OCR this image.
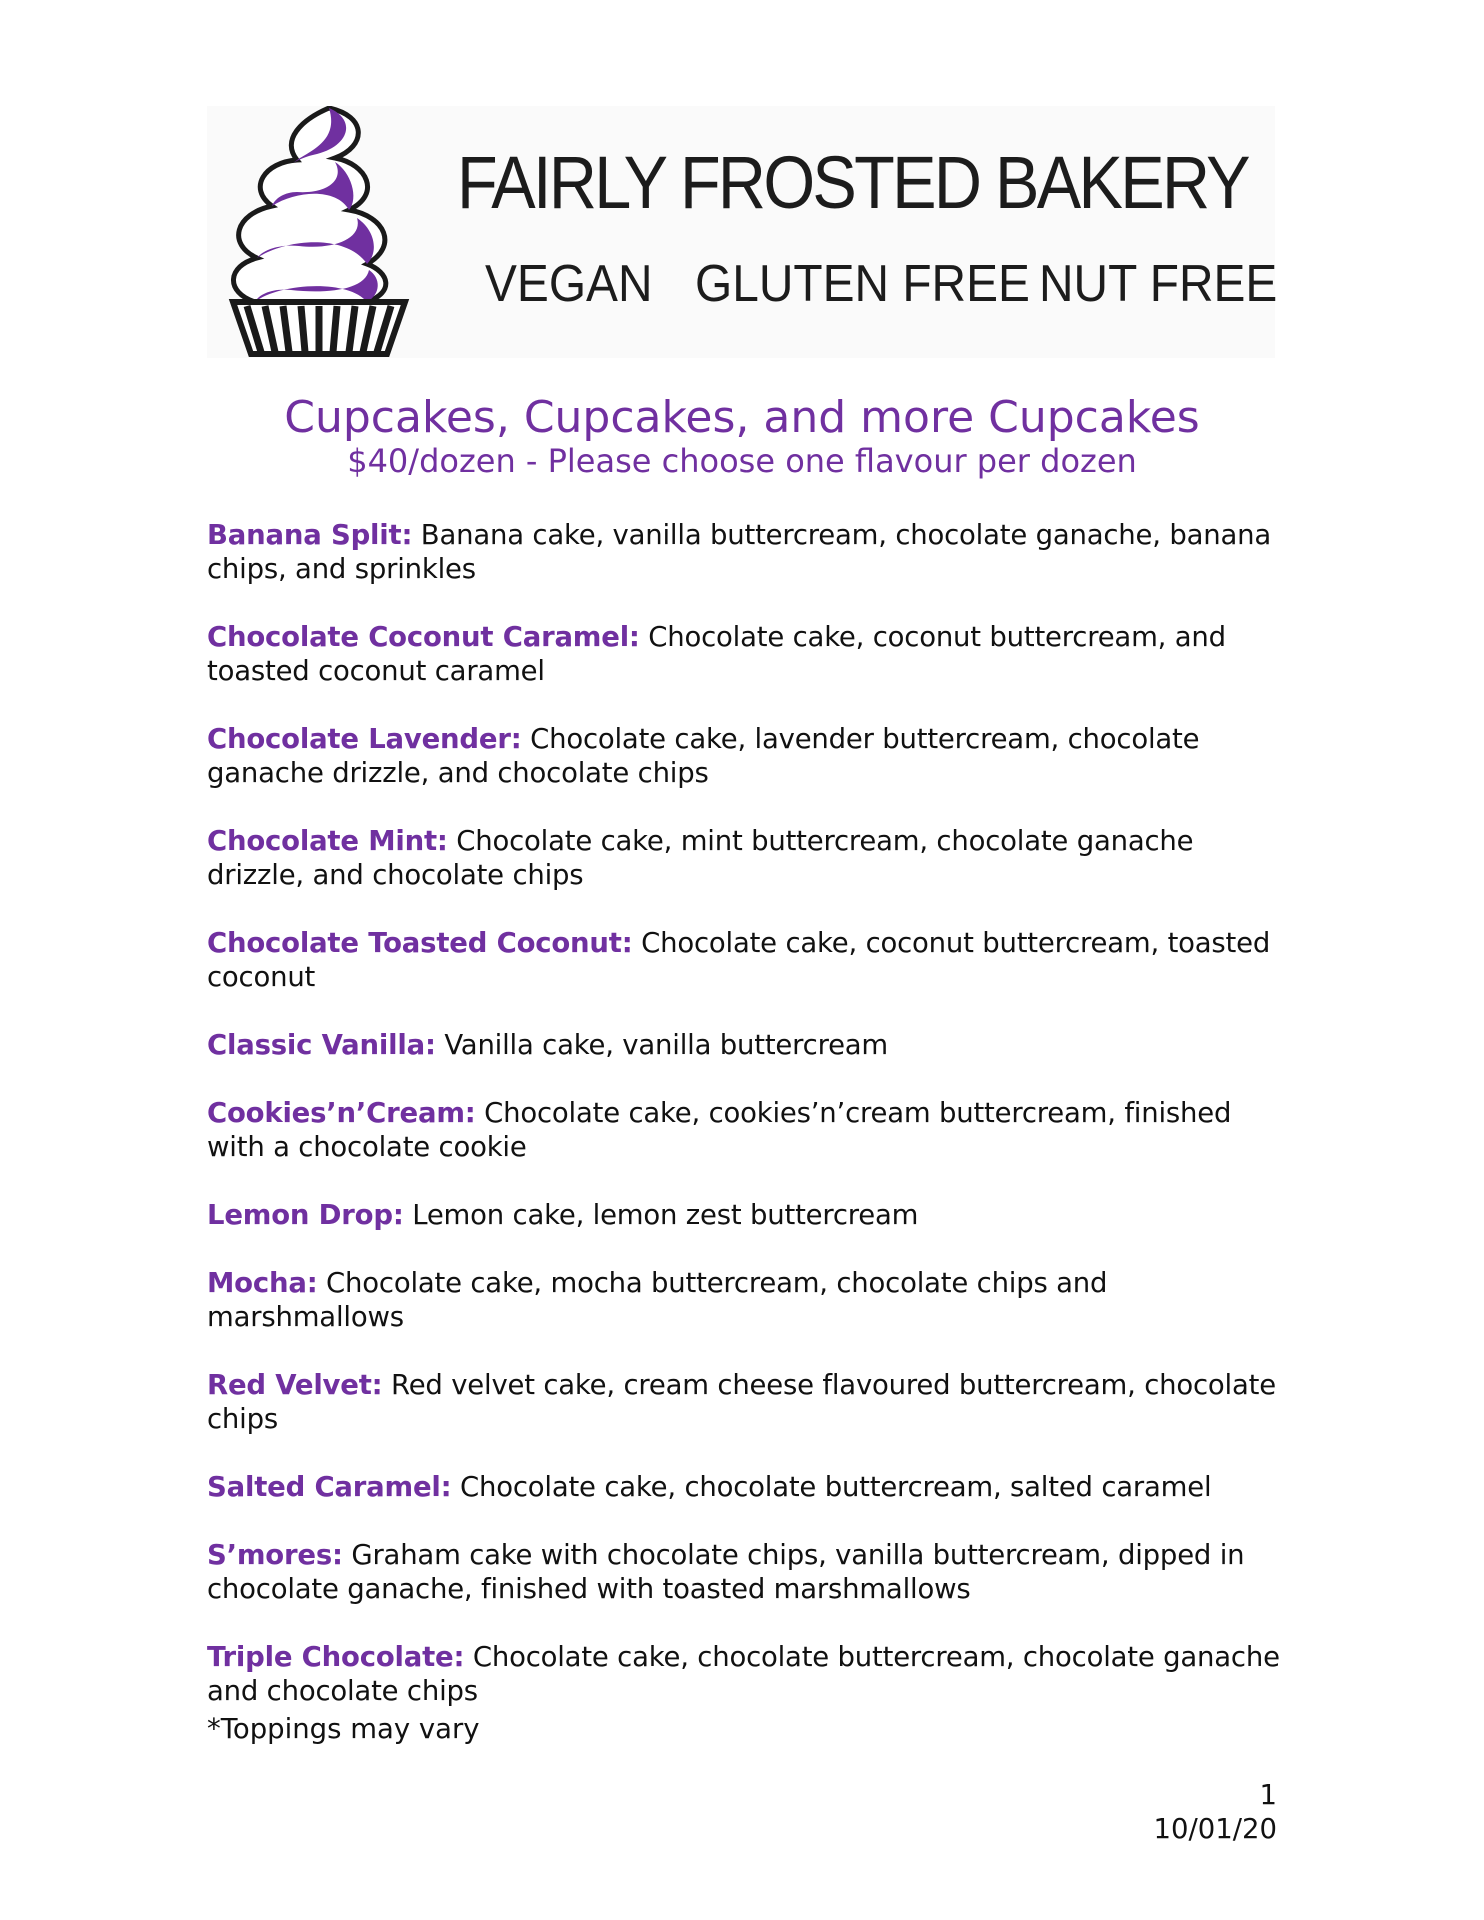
FAIRLY FROSTED BAKERY
VEGAN GLUTEN FREE NUT FREE
Cupcakes, Cupcakes, and more Cupcakes
$40/dozen - Please choose one flavour per dozen

Banana Split: Banana cake, vanilla buttercream, chocolate ganache, banana chips, and sprinkles

Chocolate Coconut Caramel: Chocolate cake, coconut buttercream, and toasted coconut caramel

Chocolate Lavender: Chocolate cake, lavender buttercream, chocolate ganache drizzle, and chocolate chips

Chocolate Mint: Chocolate cake, mint buttercream, chocolate ganache drizzle, and chocolate chips

Chocolate Toasted Coconut: Chocolate cake, coconut buttercream, toasted coconut

Classic Vanilla: Vanilla cake, vanilla buttercream

Cookies’n’Cream: Chocolate cake, cookies’n’cream buttercream, finished with a chocolate cookie

Lemon Drop: Lemon cake, lemon zest buttercream

Mocha: Chocolate cake, mocha buttercream, chocolate chips and marshmallows

Red Velvet: Red velvet cake, cream cheese flavoured buttercream, chocolate chips

Salted Caramel: Chocolate cake, chocolate buttercream, salted caramel

S’mores: Graham cake with chocolate chips, vanilla buttercream, dipped in chocolate ganache, finished with toasted marshmallows

Triple Chocolate: Chocolate cake, chocolate buttercream, chocolate ganache and chocolate chips

*Toppings may vary
1
10/01/20
